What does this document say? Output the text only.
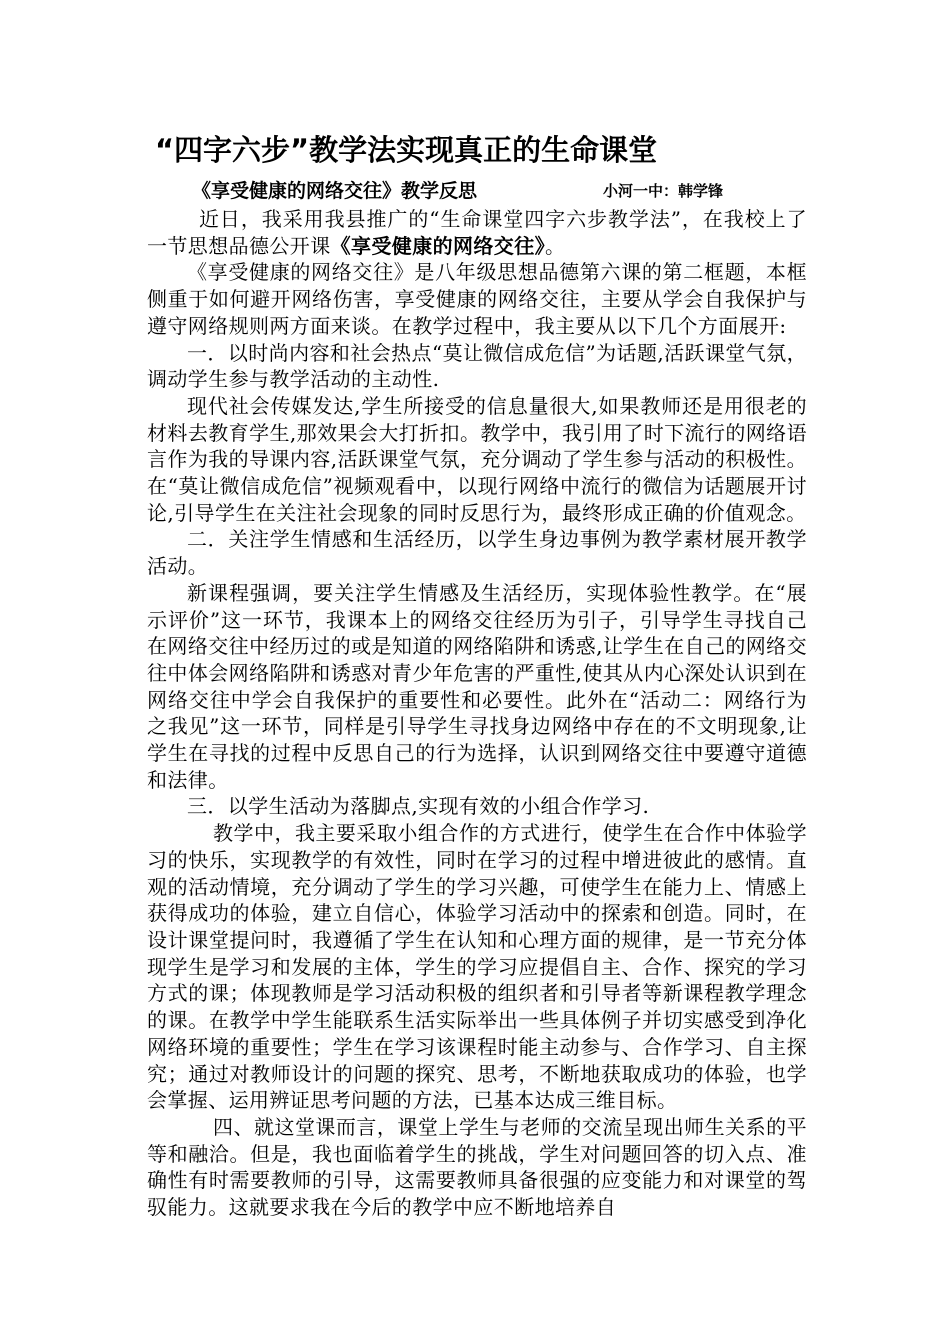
“四字六步”教学法实现真正的生命课堂
《享受健康的网络交往》教学反思	小河一中：韩学锋

近日，我采用我县推广的“生命课堂四字六步教学法”，在我校上了一节思想品德公开课《享受健康的网络交往》。

《享受健康的网络交往》是八年级思想品德第六课的第二框题，本框侧重于如何避开网络伤害，享受健康的网络交往，主要从学会自我保护与遵守网络规则两方面来谈。在教学过程中，我主要从以下几个方面展开:

一．以时尚内容和社会热点“莫让微信成危信”为话题,活跃课堂气氛，调动学生参与教学活动的主动性.

现代社会传媒发达,学生所接受的信息量很大,如果教师还是用很老的材料去教育学生,那效果会大打折扣。教学中，我引用了时下流行的网络语言作为我的导课内容,活跃课堂气氛，充分调动了学生参与活动的积极性。在“莫让微信成危信”视频观看中，以现行网络中流行的微信为话题展开讨论,引导学生在关注社会现象的同时反思行为，最终形成正确的价值观念。

二．关注学生情感和生活经历，以学生身边事例为教学素材展开教学活动。

新课程强调，要关注学生情感及生活经历，实现体验性教学。在“展示评价”这一环节，我课本上的网络交往经历为引子，引导学生寻找自己在网络交往中经历过的或是知道的网络陷阱和诱惑,让学生在自己的网络交往中体会网络陷阱和诱惑对青少年危害的严重性,使其从内心深处认识到在网络交往中学会自我保护的重要性和必要性。此外在“活动二：网络行为之我见”这一环节，同样是引导学生寻找身边网络中存在的不文明现象,让学生在寻找的过程中反思自己的行为选择，认识到网络交往中要遵守道德和法律。

三．以学生活动为落脚点,实现有效的小组合作学习.

教学中，我主要采取小组合作的方式进行，使学生在合作中体验学习的快乐，实现教学的有效性，同时在学习的过程中增进彼此的感情。直观的活动情境，充分调动了学生的学习兴趣，可使学生在能力上、情感上获得成功的体验，建立自信心，体验学习活动中的探索和创造。同时，在设计课堂提问时，我遵循了学生在认知和心理方面的规律，是一节充分体现学生是学习和发展的主体，学生的学习应提倡自主、合作、探究的学习方式的课；体现教师是学习活动积极的组织者和引导者等新课程教学理念的课。在教学中学生能联系生活实际举出一些具体例子并切实感受到净化网络环境的重要性；学生在学习该课程时能主动参与、合作学习、自主探究；通过对教师设计的问题的探究、思考，不断地获取成功的体验，也学会掌握、运用辨证思考问题的方法，已基本达成三维目标。

四、就这堂课而言，课堂上学生与老师的交流呈现出师生关系的平等和融洽。但是，我也面临着学生的挑战，学生对问题回答的切入点、准确性有时需要教师的引导，这需要教师具备很强的应变能力和对课堂的驾驭能力。这就要求我在今后的教学中应不断地培养自
